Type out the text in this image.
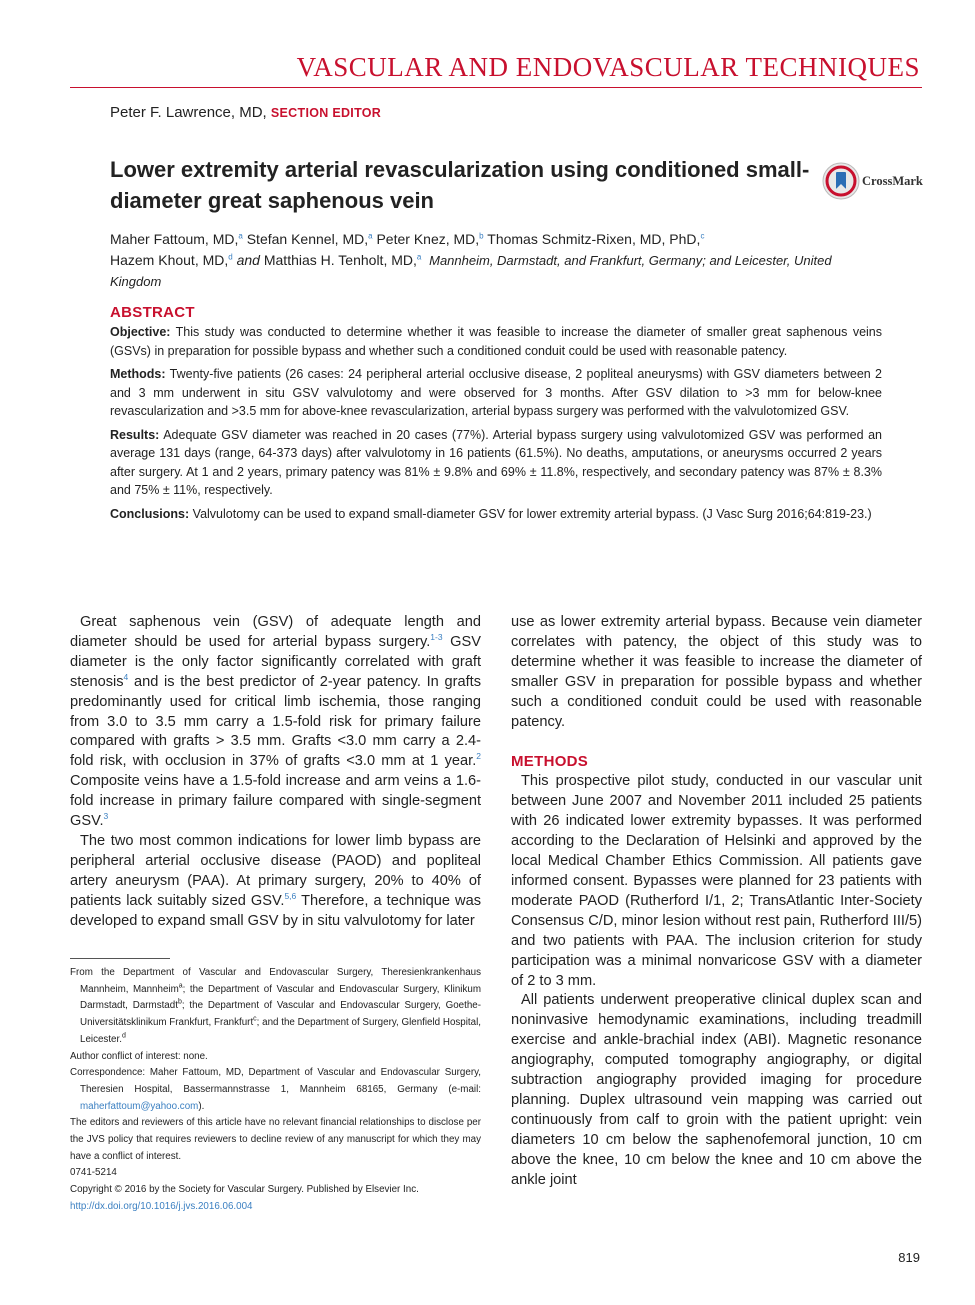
VASCULAR AND ENDOVASCULAR TECHNIQUES
Peter F. Lawrence, MD, SECTION EDITOR
Lower extremity arterial revascularization using conditioned small-diameter great saphenous vein
CrossMark
Maher Fattoum, MD,$^a$ Stefan Kennel, MD,$^a$ Peter Knez, MD,$^b$ Thomas Schmitz-Rixen, MD, PhD,$^c$
Hazem Khout, MD,$^d$ and Matthias H. Tenholt, MD,$^a$ Mannheim, Darmstadt, and Frankfurt, Germany; and Leicester, United Kingdom
ABSTRACT

Objective: This study was conducted to determine whether it was feasible to increase the diameter of smaller great saphenous veins (GSVs) in preparation for possible bypass and whether such a conditioned conduit could be used with reasonable patency.

Methods: Twenty-five patients (26 cases: 24 peripheral arterial occlusive disease, 2 popliteal aneurysms) with GSV diameters between 2 and 3 mm underwent in situ GSV valvulotomy and were observed for 3 months. After GSV dilation to >3 mm for below-knee revascularization and >3.5 mm for above-knee revascularization, arterial bypass surgery was performed with the valvulotomized GSV.

Results: Adequate GSV diameter was reached in 20 cases (77%). Arterial bypass surgery using valvulotomized GSV was performed an average 131 days (range, 64-373 days) after valvulotomy in 16 patients (61.5%). No deaths, amputations, or aneurysms occurred 2 years after surgery. At 1 and 2 years, primary patency was 81% ± 9.8% and 69% ± 11.8%, respectively, and secondary patency was 87% ± 8.3% and 75% ± 11%, respectively.

Conclusions: Valvulotomy can be used to expand small-diameter GSV for lower extremity arterial bypass. (J Vasc Surg 2016;64:819-23.)

Great saphenous vein (GSV) of adequate length and diameter should be used for arterial bypass surgery.$^{1-3}$ GSV diameter is the only factor significantly correlated with graft stenosis$^4$ and is the best predictor of 2-year patency. In grafts predominantly used for critical limb ischemia, those ranging from 3.0 to 3.5 mm carry a 1.5-fold risk for primary failure compared with grafts > 3.5 mm. Grafts <3.0 mm carry a 2.4-fold risk, with occlusion in 37% of grafts <3.0 mm at 1 year.$^2$ Composite veins have a 1.5-fold increase and arm veins a 1.6-fold increase in primary failure compared with single-segment GSV.$^3$

The two most common indications for lower limb bypass are peripheral arterial occlusive disease (PAOD) and popliteal artery aneurysm (PAA). At primary surgery, 20% to 40% of patients lack suitably sized GSV.$^{5,6}$ Therefore, a technique was developed to expand small GSV by in situ valvulotomy for later

use as lower extremity arterial bypass. Because vein diameter correlates with patency, the object of this study was to determine whether it was feasible to increase the diameter of smaller GSV in preparation for possible bypass and whether such a conditioned conduit could be used with reasonable patency.

METHODS

This prospective pilot study, conducted in our vascular unit between June 2007 and November 2011 included 25 patients with 26 indicated lower extremity bypasses. It was performed according to the Declaration of Helsinki and approved by the local Medical Chamber Ethics Commission. All patients gave informed consent. Bypasses were planned for 23 patients with moderate PAOD (Rutherford I/1, 2; TransAtlantic Inter-Society Consensus C/D, minor lesion without rest pain, Rutherford III/5) and two patients with PAA. The inclusion criterion for study participation was a minimal nonvaricose GSV with a diameter of 2 to 3 mm.

All patients underwent preoperative clinical duplex scan and noninvasive hemodynamic examinations, including treadmill exercise and ankle-brachial index (ABI). Magnetic resonance angiography, computed tomography angiography, or digital subtraction angiography provided imaging for procedure planning. Duplex ultrasound vein mapping was carried out continuously from calf to groin with the patient upright: vein diameters 10 cm below the saphenofemoral junction, 10 cm above the knee, 10 cm below the knee and 10 cm above the ankle joint

From the Department of Vascular and Endovascular Surgery, Theresienkrankenhaus Mannheim, Mannheim$^a$; the Department of Vascular and Endovascular Surgery, Klinikum Darmstadt, Darmstadt$^b$; the Department of Vascular and Endovascular Surgery, Goethe-Universitätsklinikum Frankfurt, Frankfurt$^c$; and the Department of Surgery, Glenfield Hospital, Leicester.$^d$

Author conflict of interest: none.

Correspondence: Maher Fattoum, MD, Department of Vascular and Endovascular Surgery, Theresien Hospital, Bassermannstrasse 1, Mannheim 68165, Germany (e-mail: maherfattoum@yahoo.com).

The editors and reviewers of this article have no relevant financial relationships to disclose per the JVS policy that requires reviewers to decline review of any manuscript for which they may have a conflict of interest.

0741-5214

Copyright © 2016 by the Society for Vascular Surgery. Published by Elsevier Inc.

http://dx.doi.org/10.1016/j.jvs.2016.06.004

819
